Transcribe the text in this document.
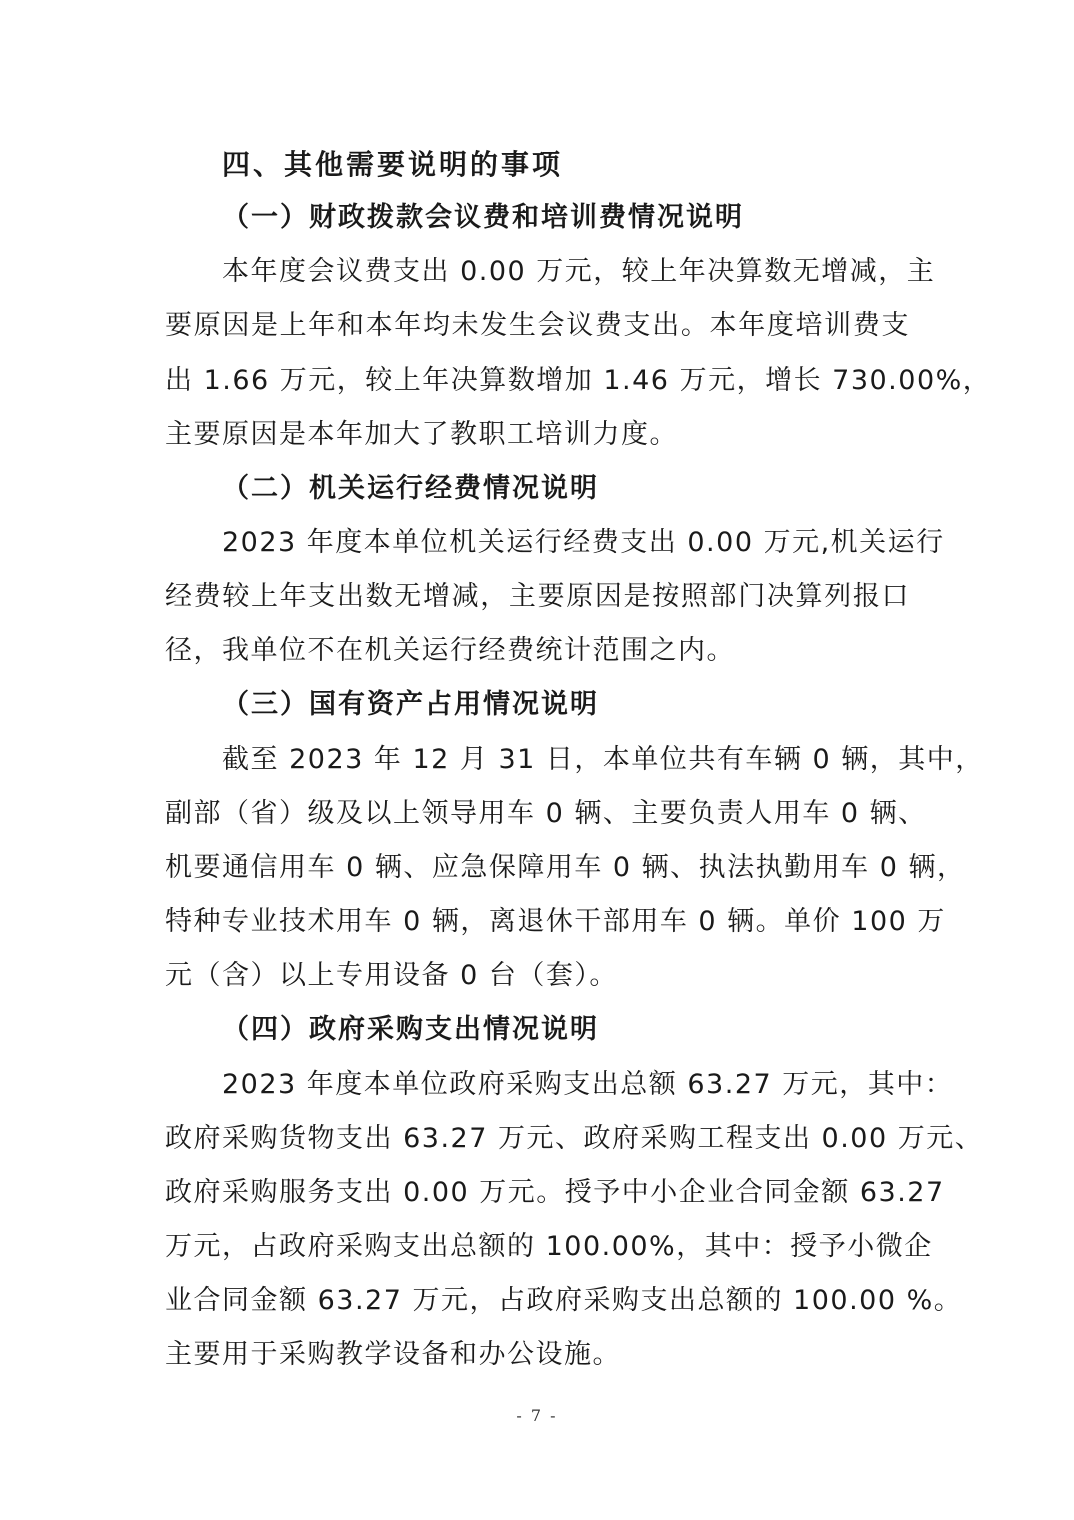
四、其他需要说明的事项
（一）财政拨款会议费和培训费情况说明
本年度会议费支出 0.00 万元，较上年决算数无增减，主
要原因是上年和本年均未发生会议费支出。本年度培训费支
出 1.66 万元，较上年决算数增加 1.46 万元，增长 730.00%，
主要原因是本年加大了教职工培训力度。
（二）机关运行经费情况说明
2023 年度本单位机关运行经费支出 0.00 万元,机关运行
经费较上年支出数无增减，主要原因是按照部门决算列报口
径，我单位不在机关运行经费统计范围之内。
（三）国有资产占用情况说明
截至 2023 年 12 月 31 日，本单位共有车辆 0 辆，其中，
副部（省）级及以上领导用车 0 辆、主要负责人用车 0 辆、
机要通信用车 0 辆、应急保障用车 0 辆、执法执勤用车 0 辆，
特种专业技术用车 0 辆，离退休干部用车 0 辆。单价 100 万
元（含）以上专用设备 0 台（套）。
（四）政府采购支出情况说明
2023 年度本单位政府采购支出总额 63.27 万元，其中：
政府采购货物支出 63.27 万元、政府采购工程支出 0.00 万元、
政府采购服务支出 0.00 万元。授予中小企业合同金额 63.27
万元，占政府采购支出总额的 100.00%，其中：授予小微企
业合同金额 63.27 万元，占政府采购支出总额的 100.00 %。
主要用于采购教学设备和办公设施。
- 7 -
